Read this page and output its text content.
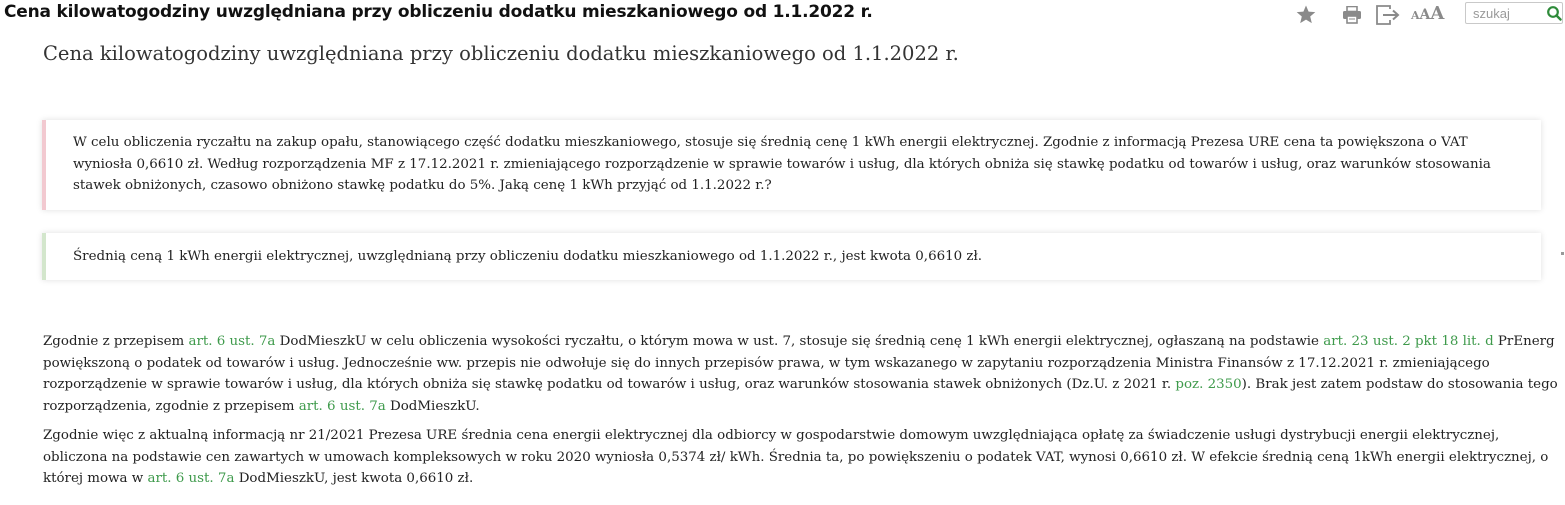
Cena kilowatogodziny uwzględniana przy obliczeniu dodatku mieszkaniowego od 1.1.2022 r.	AAA
szukaj
Cena kilowatogodziny uwzględniana przy obliczeniu dodatku mieszkaniowego od 1.1.2022 r.
W celu obliczenia ryczałtu na zakup opału, stanowiącego część dodatku mieszkaniowego, stosuje się średnią cenę 1 kWh energii elektrycznej. Zgodnie z informacją Prezesa URE cena ta powiększona o VAT wyniosła 0,6610 zł. Według rozporządzenia MF z 17.12.2021 r. zmieniającego rozporządzenie w sprawie towarów i usług, dla których obniża się stawkę podatku od towarów i usług, oraz warunków stosowania stawek obniżonych, czasowo obniżono stawkę podatku do 5%. Jaką cenę 1 kWh przyjąć od 1.1.2022 r.?
Średnią ceną 1 kWh energii elektrycznej, uwzględnianą przy obliczeniu dodatku mieszkaniowego od 1.1.2022 r., jest kwota 0,6610 zł.
Zgodnie z przepisem art. 6 ust. 7a DodMieszkU w celu obliczenia wysokości ryczałtu, o którym mowa w ust. 7, stosuje się średnią cenę 1 kWh energii elektrycznej, ogłaszaną na podstawie art. 23 ust. 2 pkt 18 lit. d PrEnerg powiększoną o podatek od towarów i usług. Jednocześnie ww. przepis nie odwołuje się do innych przepisów prawa, w tym wskazanego w zapytaniu rozporządzenia Ministra Finansów z 17.12.2021 r. zmieniającego rozporządzenie w sprawie towarów i usług, dla których obniża się stawkę podatku od towarów i usług, oraz warunków stosowania stawek obniżonych (Dz.U. z 2021 r. poz. 2350). Brak jest zatem podstaw do stosowania tego rozporządzenia, zgodnie z przepisem art. 6 ust. 7a DodMieszkU.
Zgodnie więc z aktualną informacją nr 21/2021 Prezesa URE średnia cena energii elektrycznej dla odbiorcy w gospodarstwie domowym uwzględniająca opłatę za świadczenie usługi dystrybucji energii elektrycznej, obliczona na podstawie cen zawartych w umowach kompleksowych w roku 2020 wyniosła 0,5374 zł/ kWh. Średnia ta, po powiększeniu o podatek VAT, wynosi 0,6610 zł. W efekcie średnią ceną 1kWh energii elektrycznej, o której mowa w art. 6 ust. 7a DodMieszkU, jest kwota 0,6610 zł.
